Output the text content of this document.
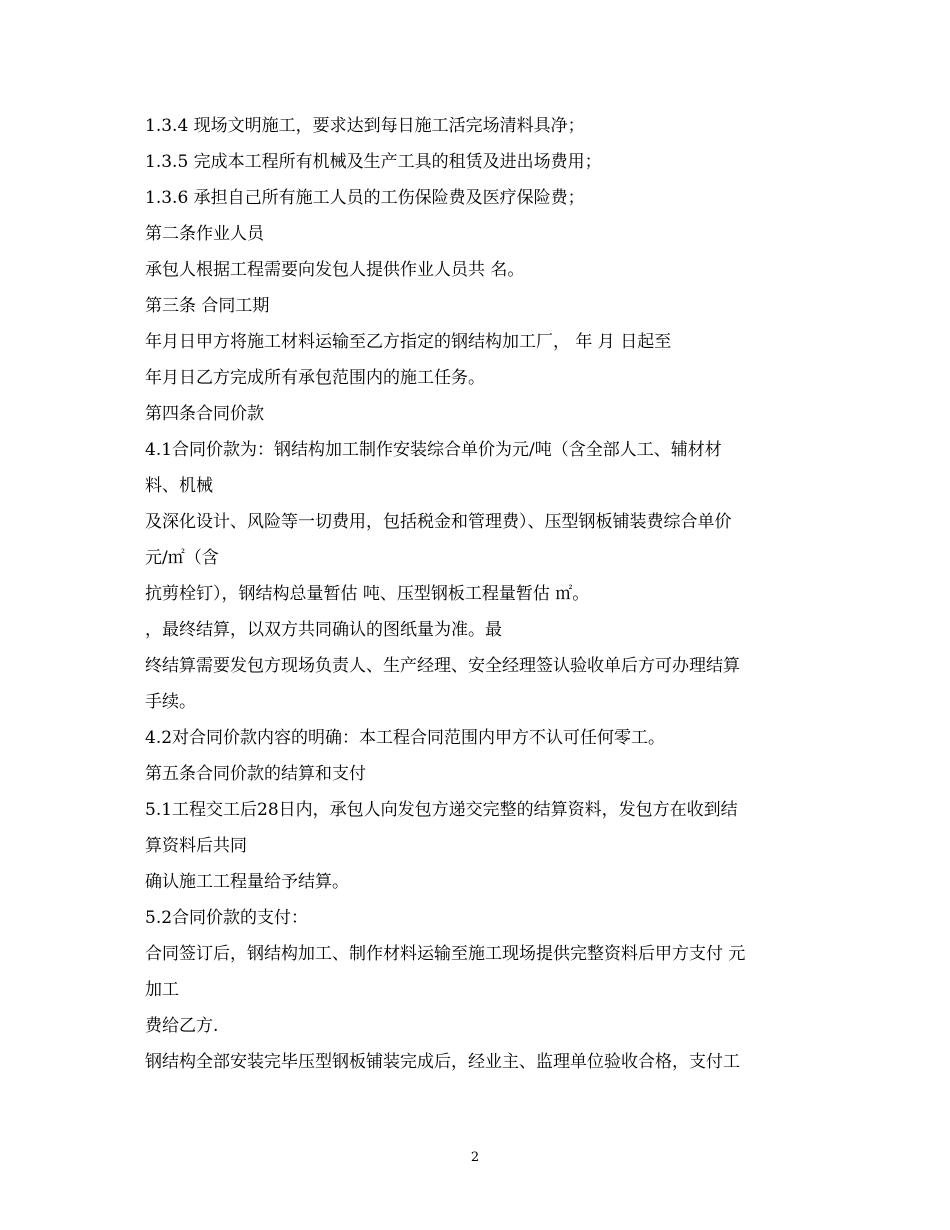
1.3.4 现场文明施工，要求达到每日施工活完场清料具净；
1.3.5 完成本工程所有机械及生产工具的租赁及进出场费用；
1.3.6 承担自己所有施工人员的工伤保险费及医疗保险费；
第二条作业人员
承包人根据工程需要向发包人提供作业人员共 名。
第三条 合同工期
年月日甲方将施工材料运输至乙方指定的钢结构加工厂， 年 月 日起至
年月日乙方完成所有承包范围内的施工任务。
第四条合同价款
4.1合同价款为：钢结构加工制作安装综合单价为元/吨（含全部人工、辅材材
料、机械
及深化设计、风险等一切费用，包括税金和管理费）、压型钢板铺装费综合单价
元/㎡（含
抗剪栓钉），钢结构总量暂估 吨、压型钢板工程量暂估 ㎡。
，最终结算，以双方共同确认的图纸量为准。最
终结算需要发包方现场负责人、生产经理、安全经理签认验收单后方可办理结算
手续。
4.2对合同价款内容的明确：本工程合同范围内甲方不认可任何零工。
第五条合同价款的结算和支付
5.1工程交工后28日内，承包人向发包方递交完整的结算资料，发包方在收到结
算资料后共同
确认施工工程量给予结算。
5.2合同价款的支付：
合同签订后，钢结构加工、制作材料运输至施工现场提供完整资料后甲方支付 元
加工
费给乙方.
钢结构全部安装完毕压型钢板铺装完成后，经业主、监理单位验收合格，支付工
2
